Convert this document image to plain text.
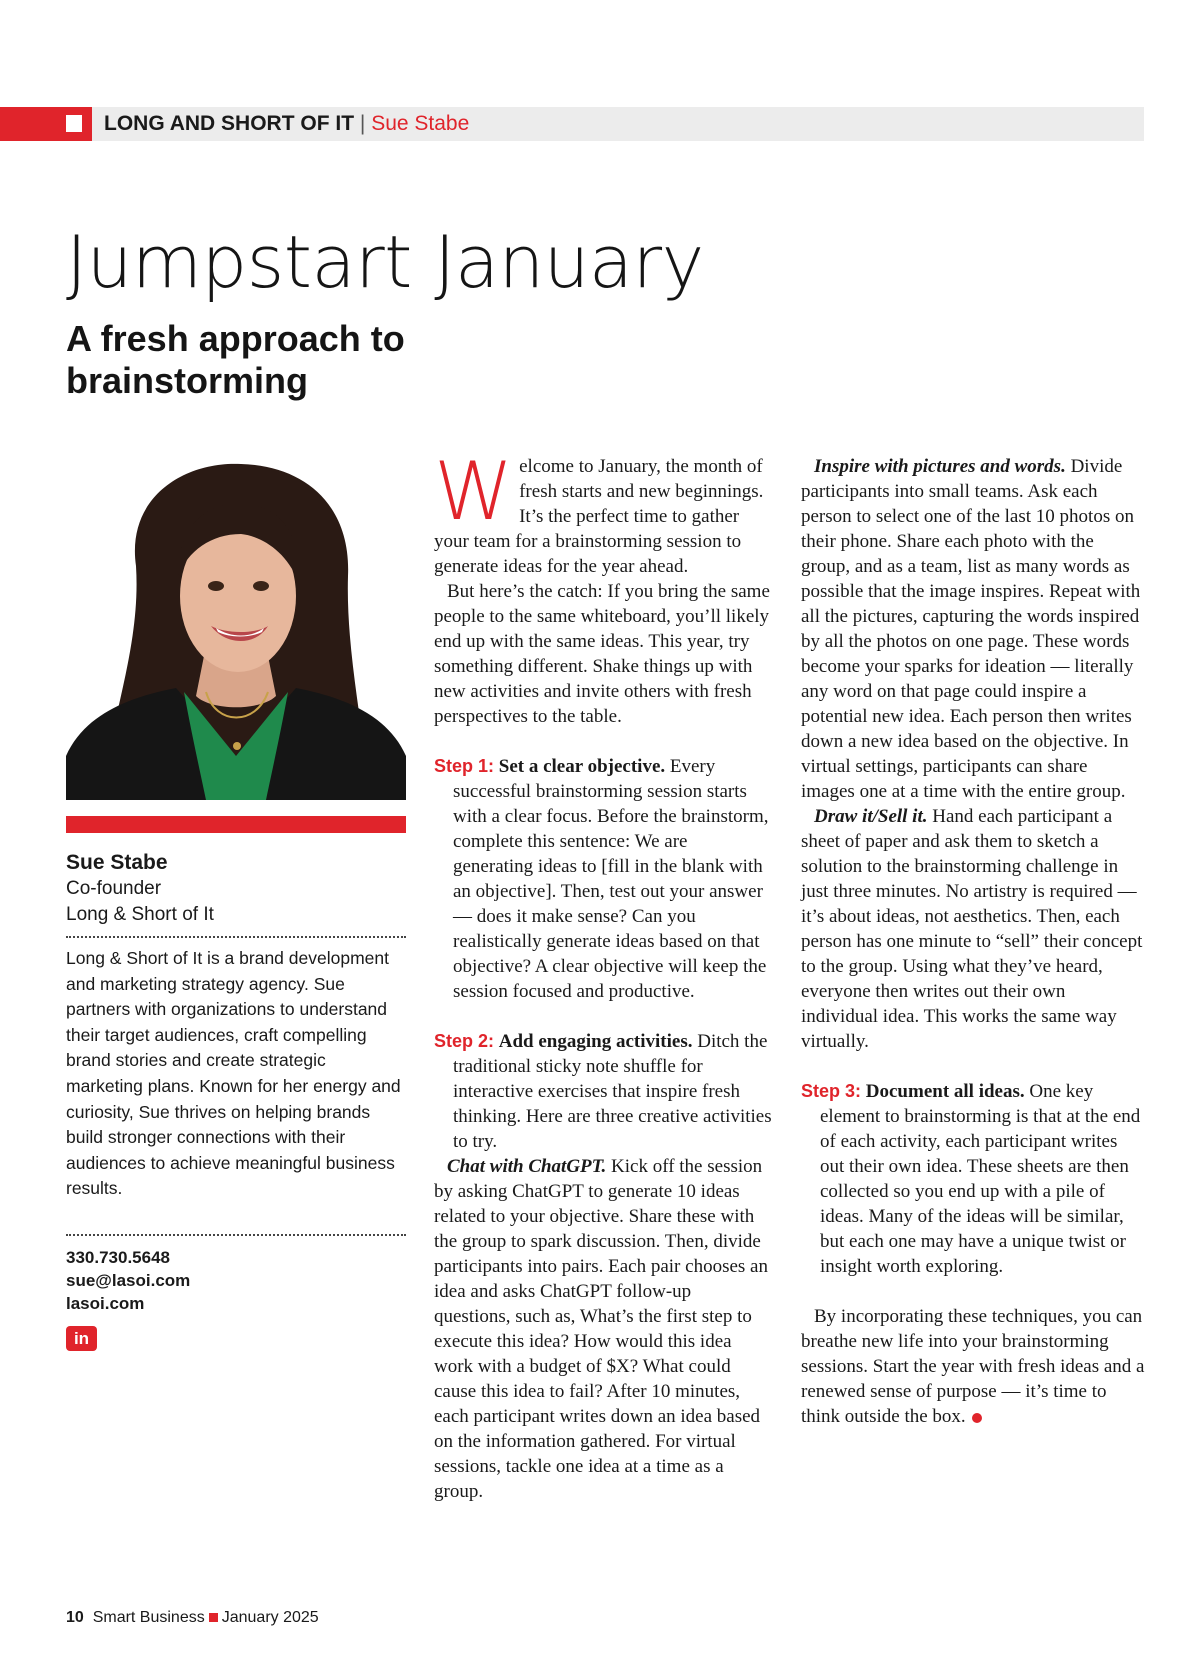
LONG AND SHORT OF IT | Sue Stabe
Jumpstart January
A fresh approach to brainstorming
Sue Stabe
Co-founder
Long & Short of It
Long & Short of It is a brand development and marketing strategy agency. Sue partners with organizations to understand their target audiences, craft compelling brand stories and create strategic marketing plans. Known for her energy and curiosity, Sue thrives on helping brands build stronger connections with their audiences to achieve meaningful business results.
330.730.5648
sue@lasoi.com
lasoi.com
in

Welcome to January, the month of fresh starts and new beginnings. It’s the perfect time to gather your team for a brainstorming session to generate ideas for the year ahead.

But here’s the catch: If you bring the same people to the same whiteboard, you’ll likely end up with the same ideas. This year, try something different. Shake things up with new activities and invite others with fresh perspectives to the table.

Step 1: Set a clear objective. Every successful brainstorming session starts with a clear focus. Before the brainstorm, complete this sentence: We are generating ideas to [fill in the blank with an objective]. Then, test out your answer — does it make sense? Can you realistically generate ideas based on that objective? A clear objective will keep the session focused and productive.

Step 2: Add engaging activities. Ditch the traditional sticky note shuffle for interactive exercises that inspire fresh thinking. Here are three creative activities to try.

Chat with ChatGPT. Kick off the session by asking ChatGPT to generate 10 ideas related to your objective. Share these with the group to spark discussion. Then, divide participants into pairs. Each pair chooses an idea and asks ChatGPT follow-up questions, such as, What’s the first step to execute this idea? How would this idea work with a budget of $X? What could cause this idea to fail? After 10 minutes, each participant writes down an idea based on the information gathered. For virtual sessions, tackle one idea at a time as a group.

Inspire with pictures and words. Divide participants into small teams. Ask each person to select one of the last 10 photos on their phone. Share each photo with the group, and as a team, list as many words as possible that the image inspires. Repeat with all the pictures, capturing the words inspired by all the photos on one page. These words become your sparks for ideation — literally any word on that page could inspire a potential new idea. Each person then writes down a new idea based on the objective. In virtual settings, participants can share images one at a time with the entire group.

Draw it/Sell it. Hand each participant a sheet of paper and ask them to sketch a solution to the brainstorming challenge in just three minutes. No artistry is required — it’s about ideas, not aesthetics. Then, each person has one minute to “sell” their concept to the group. Using what they’ve heard, everyone then writes out their own individual idea. This works the same way virtually.

Step 3: Document all ideas. One key element to brainstorming is that at the end of each activity, each participant writes out their own idea. These sheets are then collected so you end up with a pile of ideas. Many of the ideas will be similar, but each one may have a unique twist or insight worth exploring.

By incorporating these techniques, you can breathe new life into your brainstorming sessions. Start the year with fresh ideas and a renewed sense of purpose — it’s time to think outside the box.

10 Smart Business January 2025
